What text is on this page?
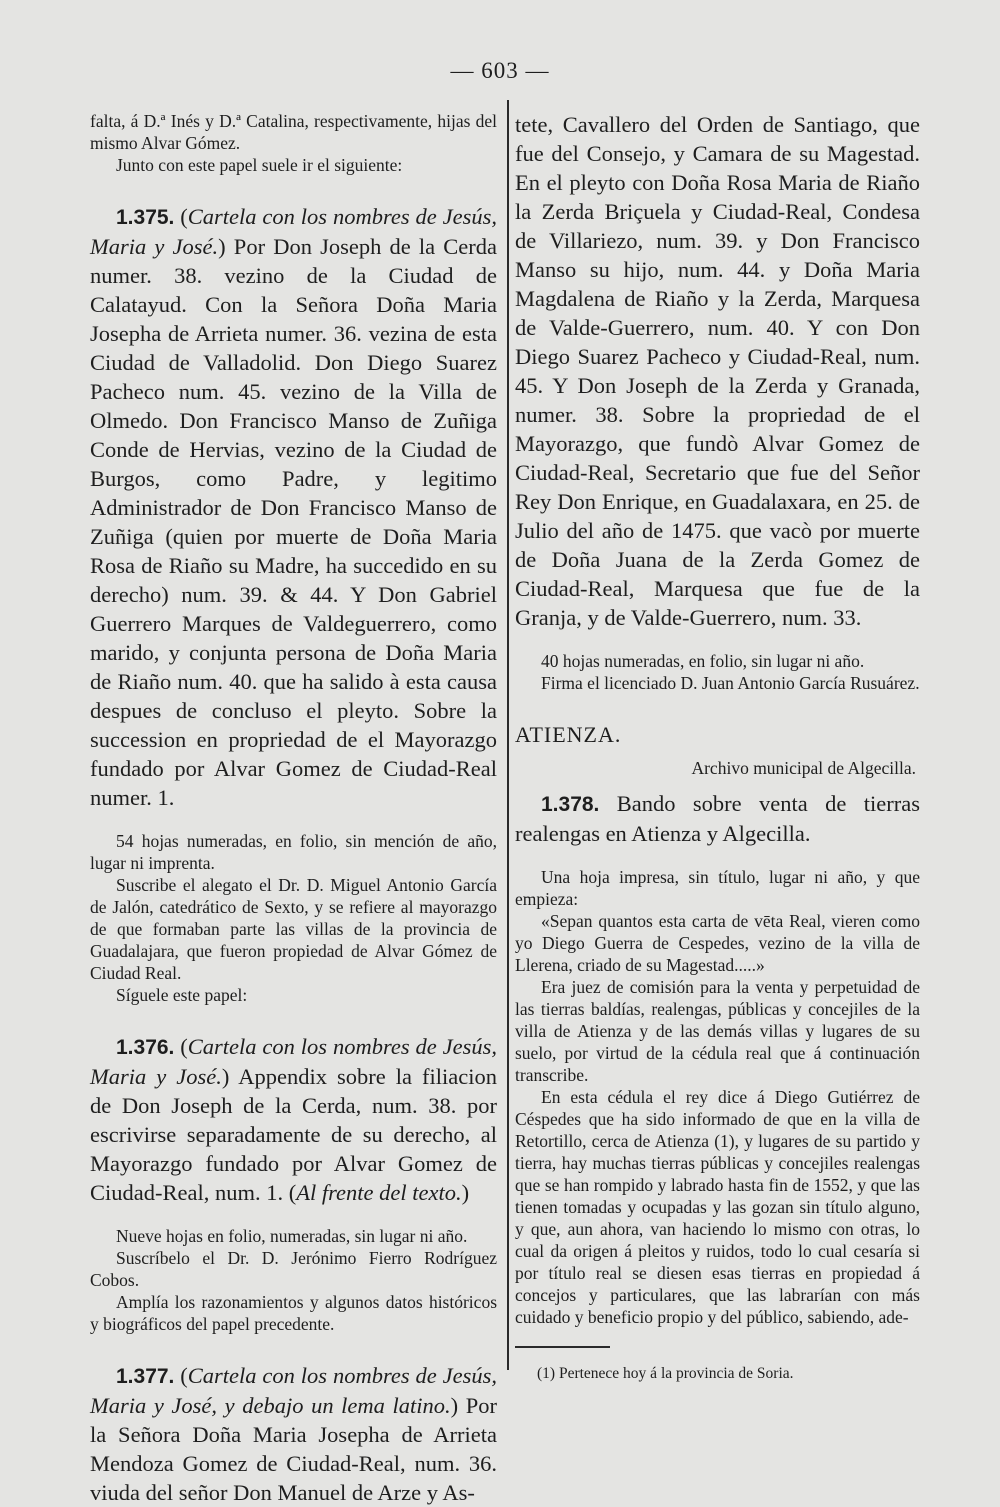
— 603 —

falta, á D.ª Inés y D.ª Catalina, respectivamente, hijas del mismo Alvar Gómez.

Junto con este papel suele ir el siguiente:

1.375. (Cartela con los nombres de Jesús, Maria y José.) Por Don Joseph de la Cerda numer. 38. vezino de la Ciudad de Calatayud. Con la Señora Doña Maria Josepha de Arrieta numer. 36. vezina de esta Ciudad de Valladolid. Don Diego Suarez Pacheco num. 45. vezino de la Villa de Olmedo. Don Francisco Manso de Zuñiga Conde de Hervias, vezino de la Ciudad de Burgos, como Padre, y legitimo Administrador de Don Francisco Manso de Zuñiga (quien por muerte de Doña Maria Rosa de Riaño su Madre, ha succedido en su derecho) num. 39. & 44. Y Don Gabriel Guerrero Marques de Valdeguerrero, como marido, y conjunta persona de Doña Maria de Riaño num. 40. que ha salido à esta causa despues de concluso el pleyto. Sobre la succession en propriedad de el Mayorazgo fundado por Alvar Gomez de Ciudad-Real numer. 1.

54 hojas numeradas, en folio, sin mención de año, lugar ni imprenta.

Suscribe el alegato el Dr. D. Miguel Antonio García de Jalón, catedrático de Sexto, y se refiere al mayorazgo de que formaban parte las villas de la provincia de Guadalajara, que fueron propiedad de Alvar Gómez de Ciudad Real.

Síguele este papel:

1.376. (Cartela con los nombres de Jesús, Maria y José.) Appendix sobre la filiacion de Don Joseph de la Cerda, num. 38. por escrivirse separadamente de su derecho, al Mayorazgo fundado por Alvar Gomez de Ciudad-Real, num. 1. (Al frente del texto.)

Nueve hojas en folio, numeradas, sin lugar ni año.

Suscríbelo el Dr. D. Jerónimo Fierro Rodríguez Cobos.

Amplía los razonamientos y algunos datos históricos y biográficos del papel precedente.

1.377. (Cartela con los nombres de Jesús, Maria y José, y debajo un lema latino.) Por la Señora Doña Maria Josepha de Arrieta Mendoza Gomez de Ciudad-Real, num. 36. viuda del señor Don Manuel de Arze y As-

tete, Cavallero del Orden de Santiago, que fue del Consejo, y Camara de su Magestad. En el pleyto con Doña Rosa Maria de Riaño la Zerda Briçuela y Ciudad-Real, Condesa de Villariezo, num. 39. y Don Francisco Manso su hijo, num. 44. y Doña Maria Magdalena de Riaño y la Zerda, Marquesa de Valde-Guerrero, num. 40. Y con Don Diego Suarez Pacheco y Ciudad-Real, num. 45. Y Don Joseph de la Zerda y Granada, numer. 38. Sobre la propriedad de el Mayorazgo, que fundò Alvar Gomez de Ciudad-Real, Secretario que fue del Señor Rey Don Enrique, en Guadalaxara, en 25. de Julio del año de 1475. que vacò por muerte de Doña Juana de la Zerda Gomez de Ciudad-Real, Marquesa que fue de la Granja, y de Valde-Guerrero, num. 33.

40 hojas numeradas, en folio, sin lugar ni año.

Firma el licenciado D. Juan Antonio García Rusuárez.

ATIENZA.
Archivo municipal de Algecilla.

1.378. Bando sobre venta de tierras realengas en Atienza y Algecilla.

Una hoja impresa, sin título, lugar ni año, y que empieza:

«Sepan quantos esta carta de vēta Real, vieren como yo Diego Guerra de Cespedes, vezino de la villa de Llerena, criado de su Magestad.....»

Era juez de comisión para la venta y perpetuidad de las tierras baldías, realengas, públicas y concejiles de la villa de Atienza y de las demás villas y lugares de su suelo, por virtud de la cédula real que á continuación transcribe.

En esta cédula el rey dice á Diego Gutiérrez de Céspedes que ha sido informado de que en la villa de Retortillo, cerca de Atienza (1), y lugares de su partido y tierra, hay muchas tierras públicas y concejiles realengas que se han rompido y labrado hasta fin de 1552, y que las tienen tomadas y ocupadas y las gozan sin título alguno, y que, aun ahora, van haciendo lo mismo con otras, lo cual da origen á pleitos y ruidos, todo lo cual cesaría si por título real se diesen esas tierras en propiedad á concejos y particulares, que las labrarían con más cuidado y beneficio propio y del público, sabiendo, ade-

(1) Pertenece hoy á la provincia de Soria.
